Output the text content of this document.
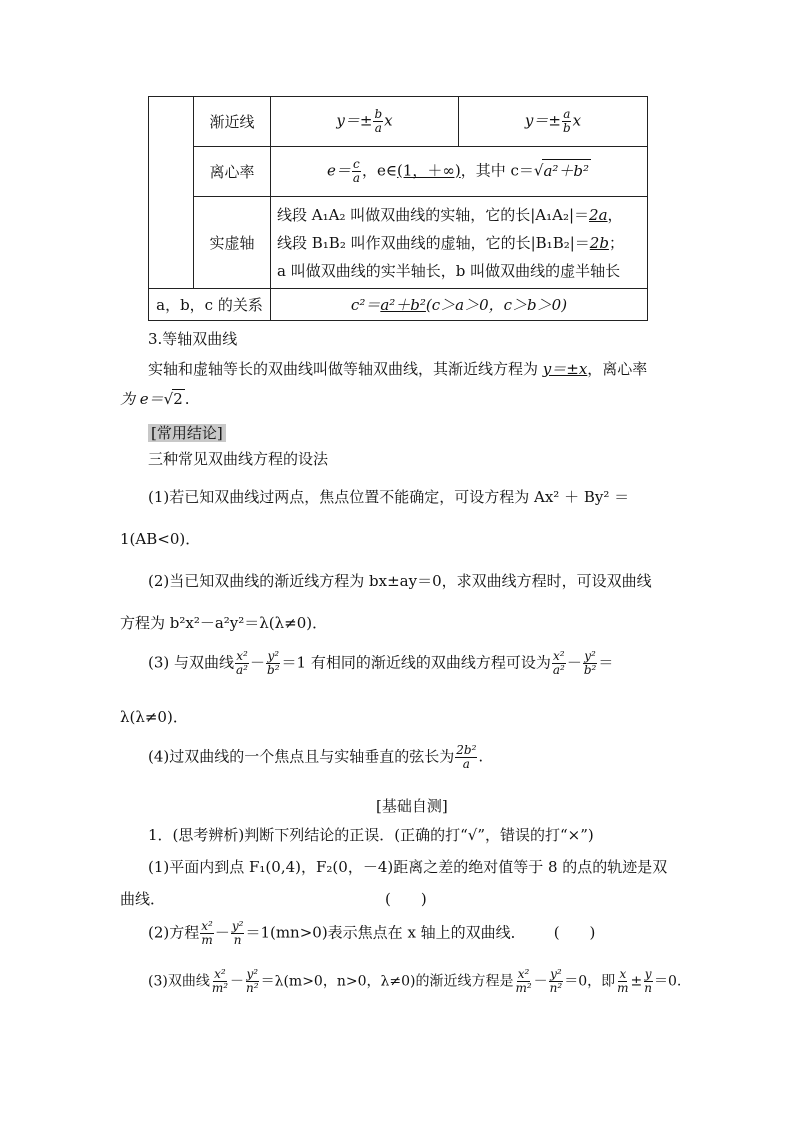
	渐近线	$y=\pm \frac{b}{a}$ x	$y=\pm \frac{a}{b}$ x
	离心率	$e= \frac{c}{a}$ ，e∈(1，＋∞)，其中 c＝√a²＋b²	
	实虚轴	线段 A₁A₂ 叫做双曲线的实轴，它的长|A₁A₂|＝2a，
线段 B₁B₂ 叫作双曲线的虚轴，它的长|B₁B₂|＝2b；
a 叫做双曲线的实半轴长，b 叫做双曲线的虚半轴长	

a，b，c 的关系		c²＝a²＋b²(c＞a＞0，c＞b＞0)	
3.等轴双曲线
实轴和虚轴等长的双曲线叫做等轴双曲线，其渐近线方程为 y＝±x，离心率
为 e＝√2 .
[常用结论]
三种常见双曲线方程的设法
(1)若已知双曲线过两点，焦点位置不能确定，可设方程为 Ax² ＋ By² ＝
1(AB<0)．
(2)当已知双曲线的渐近线方程为 bx±ay＝0，求双曲线方程时，可设双曲线
方程为 b²x²－a²y²＝λ(λ≠0)．
(3) 与双曲线 $\frac{\text{x²}}{\text{a²}} - \frac{\text{y²}}{\text{b²}} =1$ 有相同的渐近线的双曲线方程可设为 $\frac{\text{x²}}{\text{a²}} - \frac{\text{y²}}{\text{b²}}$ ＝
λ(λ≠0)．
(4)过双曲线的一个焦点且与实轴垂直的弦长为 $\frac{\text{2b²}}{a}$ .
[基础自测]
1．(思考辨析)判断下列结论的正误．(正确的打“√”，错误的打“×”)
(1)平面内到点 F₁(0,4)，F₂(0，－4)距离之差的绝对值等于 8 的点的轨迹是双
曲线．	(　　)
(2)方程 $\frac{\text{x²}}{m} - \frac{\text{y²}}{n} =1(mn>0)$表示焦点在 x 轴上的双曲线． (　　)
(3)双曲线 $\frac{\text{x²}}{\text{m²}} - \frac{\text{y²}}{\text{n²}} =\lambda(m>0$，n>0，λ≠0)的渐近线方程是 $\frac{\text{x²}}{\text{m²}} - \frac{\text{y²}}{\text{n²}} =0$，即 $\frac{x}{m} \pm \frac{y}{n} =0$.
